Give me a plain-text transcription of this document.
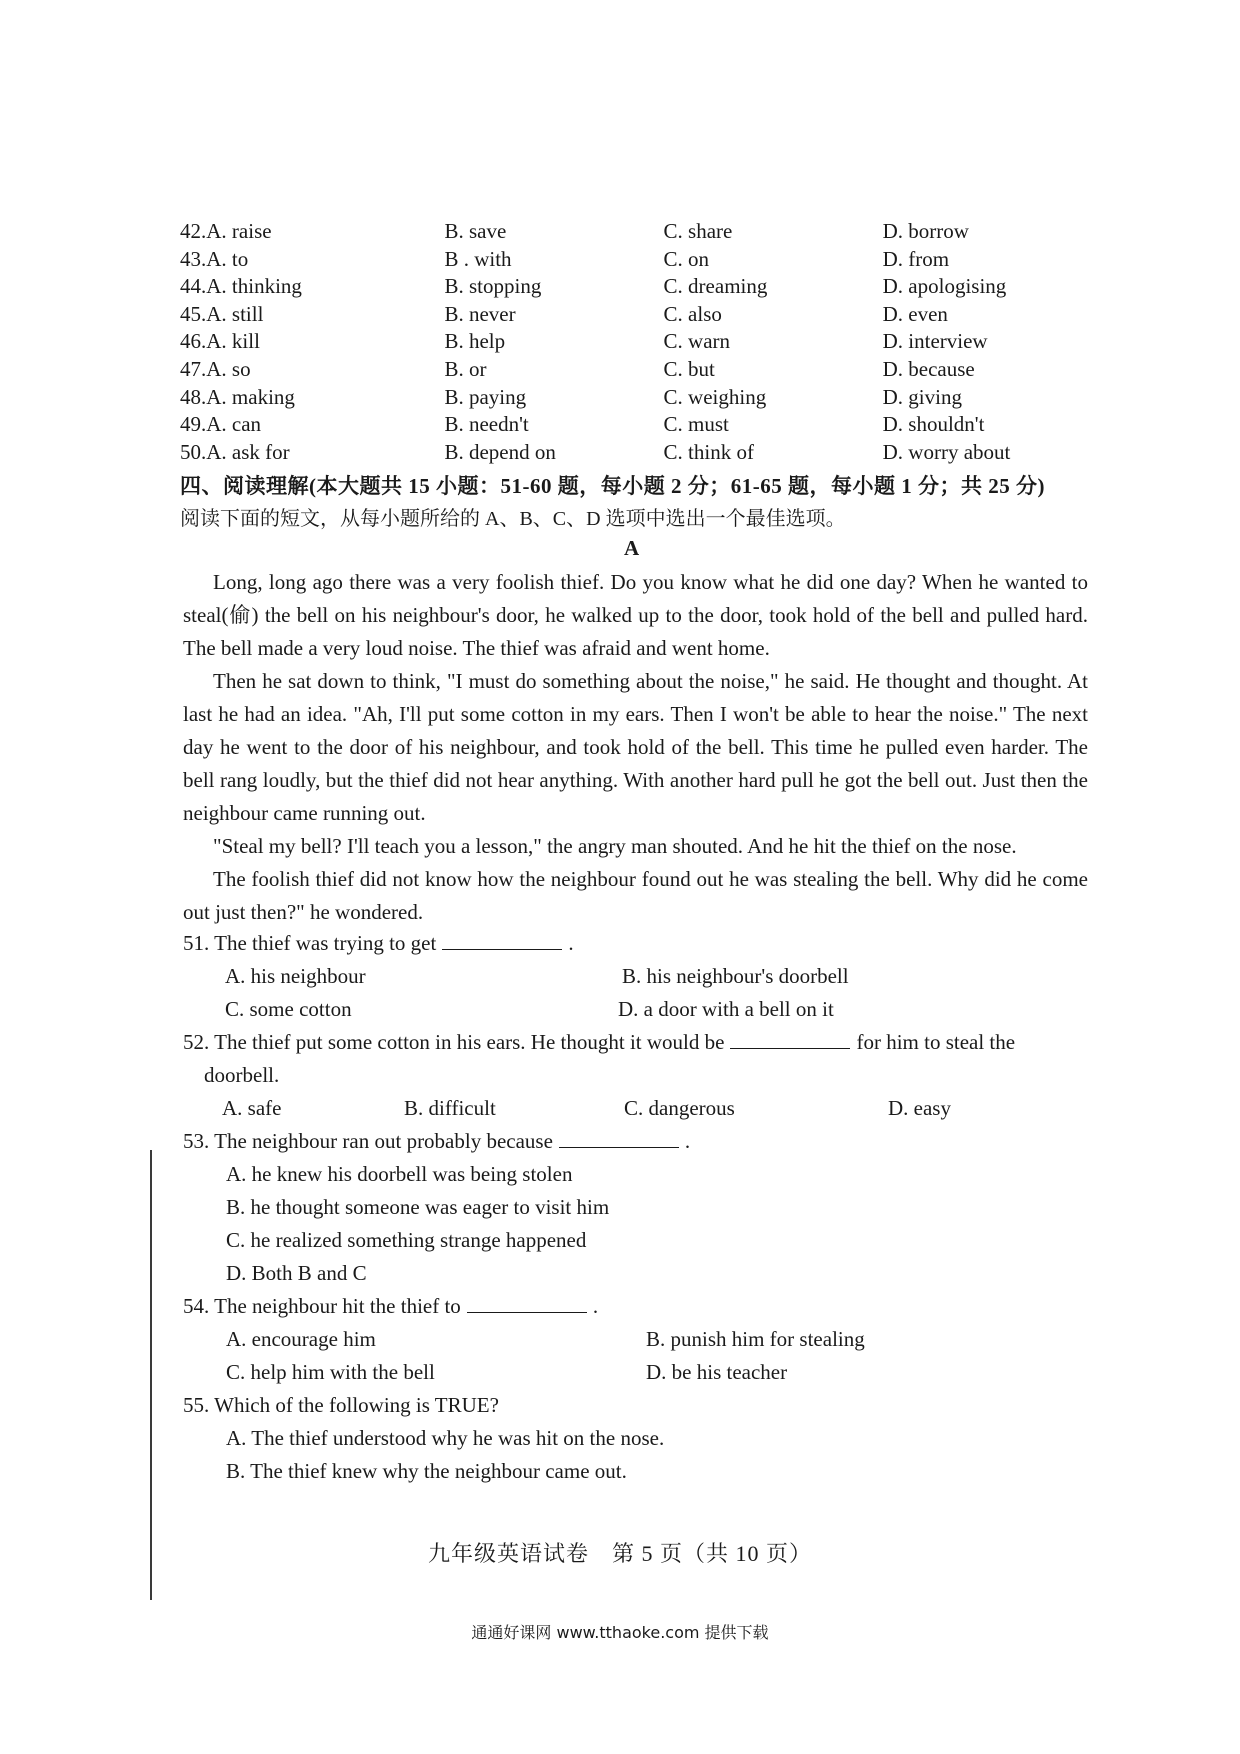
42.A. raise	B. save	C. share	D. borrow
43.A. to	B . with	C. on	D. from
44.A. thinking	B. stopping	C. dreaming	D. apologising
45.A. still	B. never	C. also	D. even
46.A. kill	B. help	C. warn	D. interview
47.A. so	B. or	C. but	D. because
48.A. making	B. paying	C. weighing	D. giving
49.A. can	B. needn't	C. must	D. shouldn't
50.A. ask for	B. depend on	C. think of	D. worry about
四、阅读理解(本大题共 15 小题：51-60 题，每小题 2 分；61-65 题，每小题 1 分；共 25 分)
阅读下面的短文，从每小题所给的 A、B、C、D 选项中选出一个最佳选项。
A

Long, long ago there was a very foolish thief. Do you know what he did one day? When he wanted to steal(偷) the bell on his neighbour's door, he walked up to the door, took hold of the bell and pulled hard. The bell made a very loud noise. The thief was afraid and went home.

Then he sat down to think, "I must do something about the noise," he said. He thought and thought. At last he had an idea. "Ah, I'll put some cotton in my ears. Then I won't be able to hear the noise." The next day he went to the door of his neighbour, and took hold of the bell. This time he pulled even harder. The bell rang loudly, but the thief did not hear anything. With another hard pull he got the bell out. Just then the neighbour came running out.

"Steal my bell? I'll teach you a lesson," the angry man shouted. And he hit the thief on the nose.

The foolish thief did not know how the neighbour found out he was stealing the bell. Why did he come out just then?" he wondered.

51. The thief was trying to get	.
A. his neighbour	B. his neighbour's doorbell
C. some cotton	D. a door with a bell on it
52. The thief put some cotton in his ears. He thought it would be	for him to steal the
doorbell.
A. safe	B. difficult	C. dangerous	D. easy
53. The neighbour ran out probably because	.
A. he knew his doorbell was being stolen
B. he thought someone was eager to visit him
C. he realized something strange happened
D. Both B and C
54. The neighbour hit the thief to	.
A. encourage him	B. punish him for stealing
C. help him with the bell	D. be his teacher
55. Which of the following is TRUE?
A. The thief understood why he was hit on the nose.
B. The thief knew why the neighbour came out.
九年级英语试卷　第 5 页（共 10 页）
通通好课网 www.tthaoke.com 提供下载
